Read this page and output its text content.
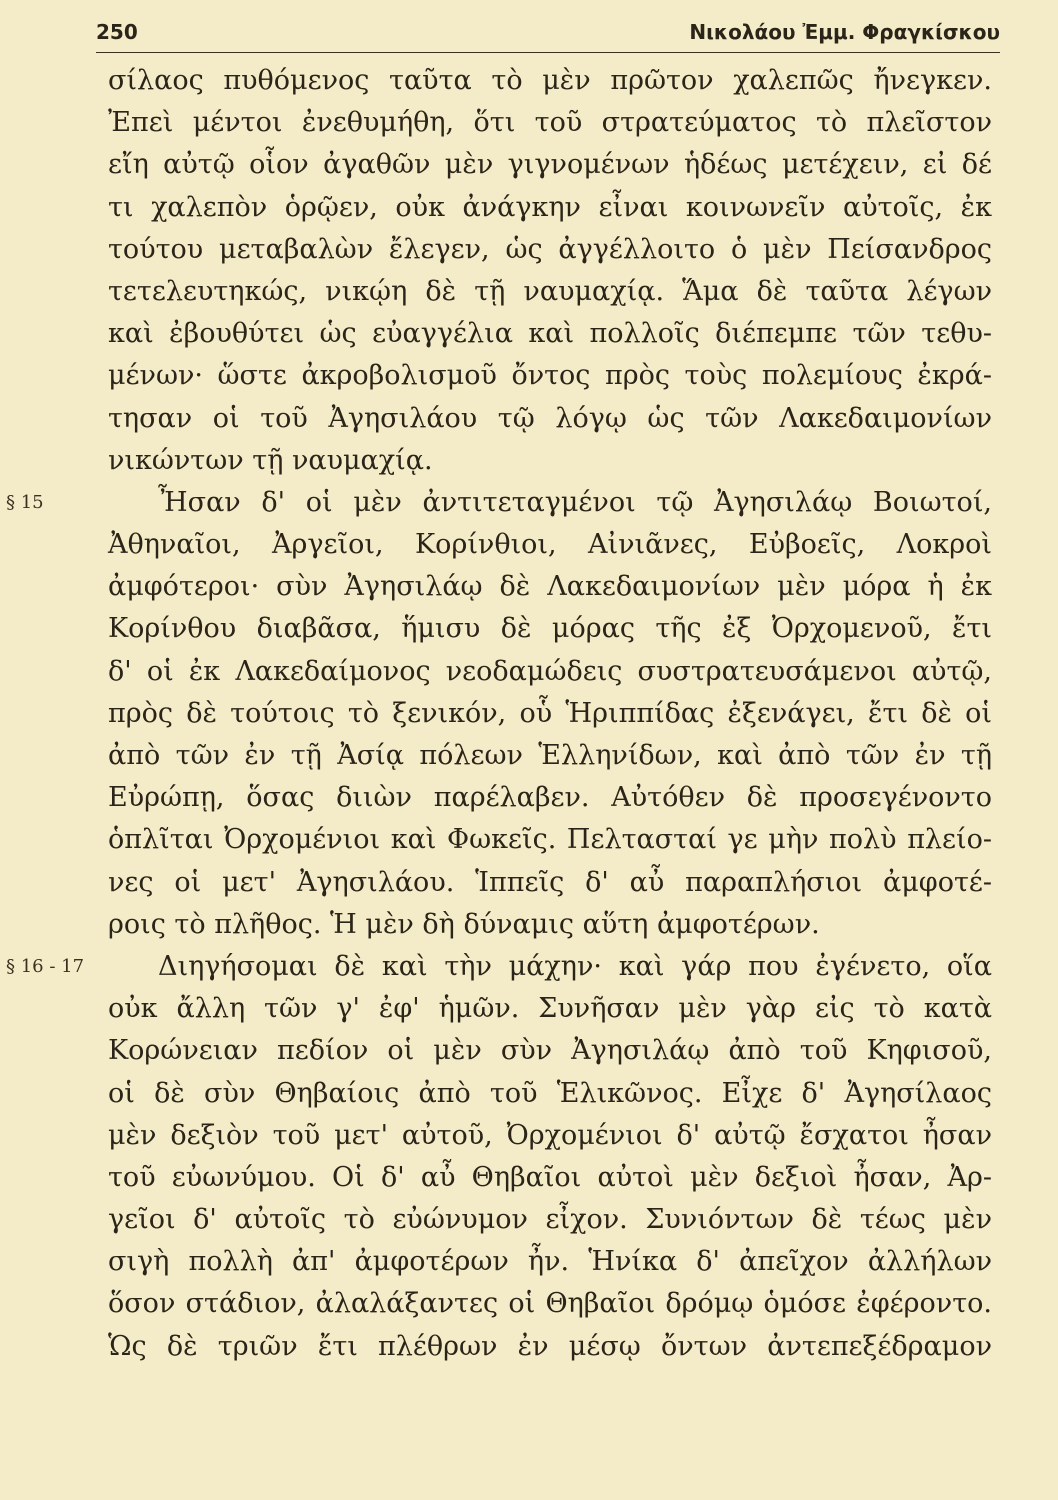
250	Νικολάου Ἐμμ. Φραγκίσκου
σίλαος πυθόμενος ταῦτα τὸ μὲν πρῶτον χαλεπῶς ἤνεγκεν.
Ἐπεὶ μέντοι ἐνεθυμήθη, ὅτι τοῦ στρατεύματος τὸ πλεῖστον
εἴη αὐτῷ οἷον ἀγαθῶν μὲν γιγνομένων ἡδέως μετέχειν, εἰ δέ
τι χαλεπὸν ὁρῷεν, οὐκ ἀνάγκην εἶναι κοινωνεῖν αὐτοῖς, ἐκ
τούτου μεταβαλὼν ἔλεγεν, ὡς ἀγγέλλοιτο ὁ μὲν Πείσανδρος
τετελευτηκώς, νικῴη δὲ τῇ ναυμαχίᾳ. Ἅμα δὲ ταῦτα λέγων
καὶ ἐβουθύτει ὡς εὐαγγέλια καὶ πολλοῖς διέπεμπε τῶν τεθυ-
μένων· ὥστε ἀκροβολισμοῦ ὄντος πρὸς τοὺς πολεμίους ἐκρά-
τησαν οἱ τοῦ Ἀγησιλάου τῷ λόγῳ ὡς τῶν Λακεδαιμονίων
νικώντων τῇ ναυμαχίᾳ.
§ 15	Ἦσαν δ' οἱ μὲν ἀντιτεταγμένοι τῷ Ἀγησιλάῳ Βοιωτοί,
Ἀθηναῖοι, Ἀργεῖοι, Κορίνθιοι, Αἰνιᾶνες, Εὐβοεῖς, Λοκροὶ
ἀμφότεροι· σὺν Ἀγησιλάῳ δὲ Λακεδαιμονίων μὲν μόρα ἡ ἐκ
Κορίνθου διαβᾶσα, ἥμισυ δὲ μόρας τῆς ἐξ Ὀρχομενοῦ, ἔτι
δ' οἱ ἐκ Λακεδαίμονος νεοδαμώδεις συστρατευσάμενοι αὐτῷ,
πρὸς δὲ τούτοις τὸ ξενικόν, οὗ Ἡριππίδας ἐξενάγει, ἔτι δὲ οἱ
ἀπὸ τῶν ἐν τῇ Ἀσίᾳ πόλεων Ἑλληνίδων, καὶ ἀπὸ τῶν ἐν τῇ
Εὐρώπῃ, ὅσας διιὼν παρέλαβεν. Αὐτόθεν δὲ προσεγένοντο
ὁπλῖται Ὀρχομένιοι καὶ Φωκεῖς. Πελτασταί γε μὴν πολὺ πλείο-
νες οἱ μετ' Ἀγησιλάου. Ἱππεῖς δ' αὖ παραπλήσιοι ἀμφοτέ-
ροις τὸ πλῆθος. Ἡ μὲν δὴ δύναμις αὕτη ἀμφοτέρων.
§ 16 - 17	Διηγήσομαι δὲ καὶ τὴν μάχην· καὶ γάρ που ἐγένετο, οἵα
οὐκ ἄλλη τῶν γ' ἐφ' ἡμῶν. Συνῆσαν μὲν γὰρ εἰς τὸ κατὰ
Κορώνειαν πεδίον οἱ μὲν σὺν Ἀγησιλάῳ ἀπὸ τοῦ Κηφισοῦ,
οἱ δὲ σὺν Θηβαίοις ἀπὸ τοῦ Ἑλικῶνος. Εἶχε δ' Ἀγησίλαος
μὲν δεξιὸν τοῦ μετ' αὐτοῦ, Ὀρχομένιοι δ' αὐτῷ ἔσχατοι ἦσαν
τοῦ εὐωνύμου. Οἱ δ' αὖ Θηβαῖοι αὐτοὶ μὲν δεξιοὶ ἦσαν, Ἀρ-
γεῖοι δ' αὐτοῖς τὸ εὐώνυμον εἶχον. Συνιόντων δὲ τέως μὲν
σιγὴ πολλὴ ἀπ' ἀμφοτέρων ἦν. Ἡνίκα δ' ἀπεῖχον ἀλλήλων
ὅσον στάδιον, ἀλαλάξαντες οἱ Θηβαῖοι δρόμῳ ὁμόσε ἐφέροντο.
Ὡς δὲ τριῶν ἔτι πλέθρων ἐν μέσῳ ὄντων ἀντεπεξέδραμον
